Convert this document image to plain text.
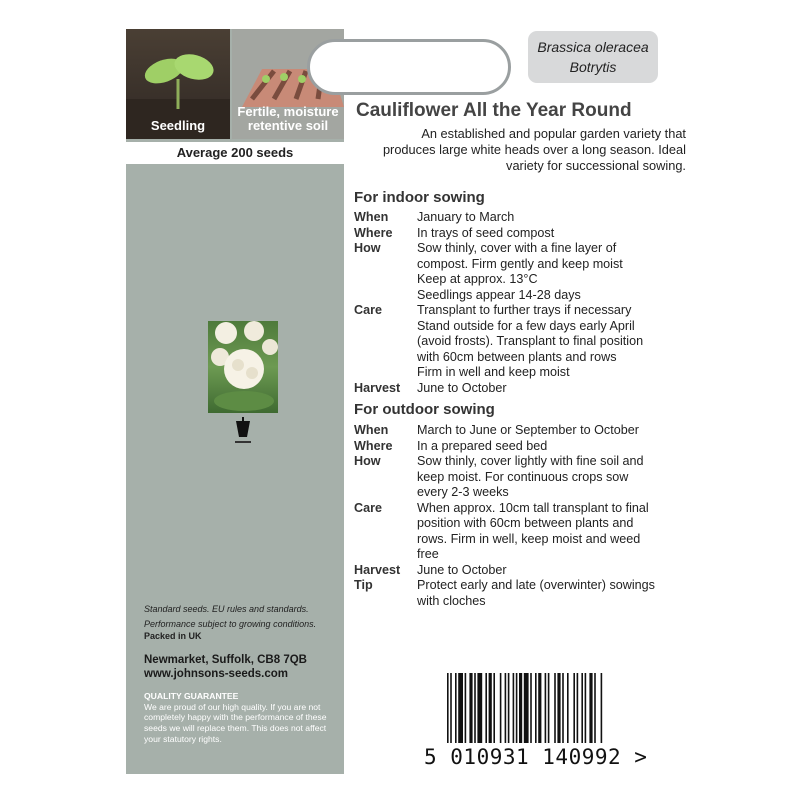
Seedling
Fertile, moisture
retentive soil
Average 200 seeds
Standard seeds. EU rules and standards.
Performance subject to growing conditions.
Packed in UK
Newmarket, Suffolk, CB8 7QB
www.johnsons-seeds.com
QUALITY GUARANTEE
We are proud of our high quality. If you are not completely happy with the performance of these seeds we will replace them. This does not affect your statutory rights.
Brassica oleracea
Botrytis
Cauliflower All the Year Round
An established and popular garden variety that produces large white heads over a long season. Ideal variety for successional sowing.
For indoor sowing
When	January to March
Where	In trays of seed compost
How	Sow thinly, cover with a fine layer of
compost. Firm gently and keep moist
Keep at approx. 13°C
Seedlings appear 14-28 days
Care	Transplant to further trays if necessary
Stand outside for a few days early April
(avoid frosts). Transplant to final position
with 60cm between plants and rows
Firm in well and keep moist
Harvest	June to October
For outdoor sowing
When	March to June or September to October
Where	In a prepared seed bed
How	Sow thinly, cover lightly with fine soil and
keep moist. For continuous crops sow
every 2-3 weeks
Care	When approx. 10cm tall transplant to final
position with 60cm between plants and
rows. Firm in well, keep moist and weed
free
Harvest	June to October
Tip	Protect early and late (overwinter) sowings
with cloches
5 010931 140992 >
